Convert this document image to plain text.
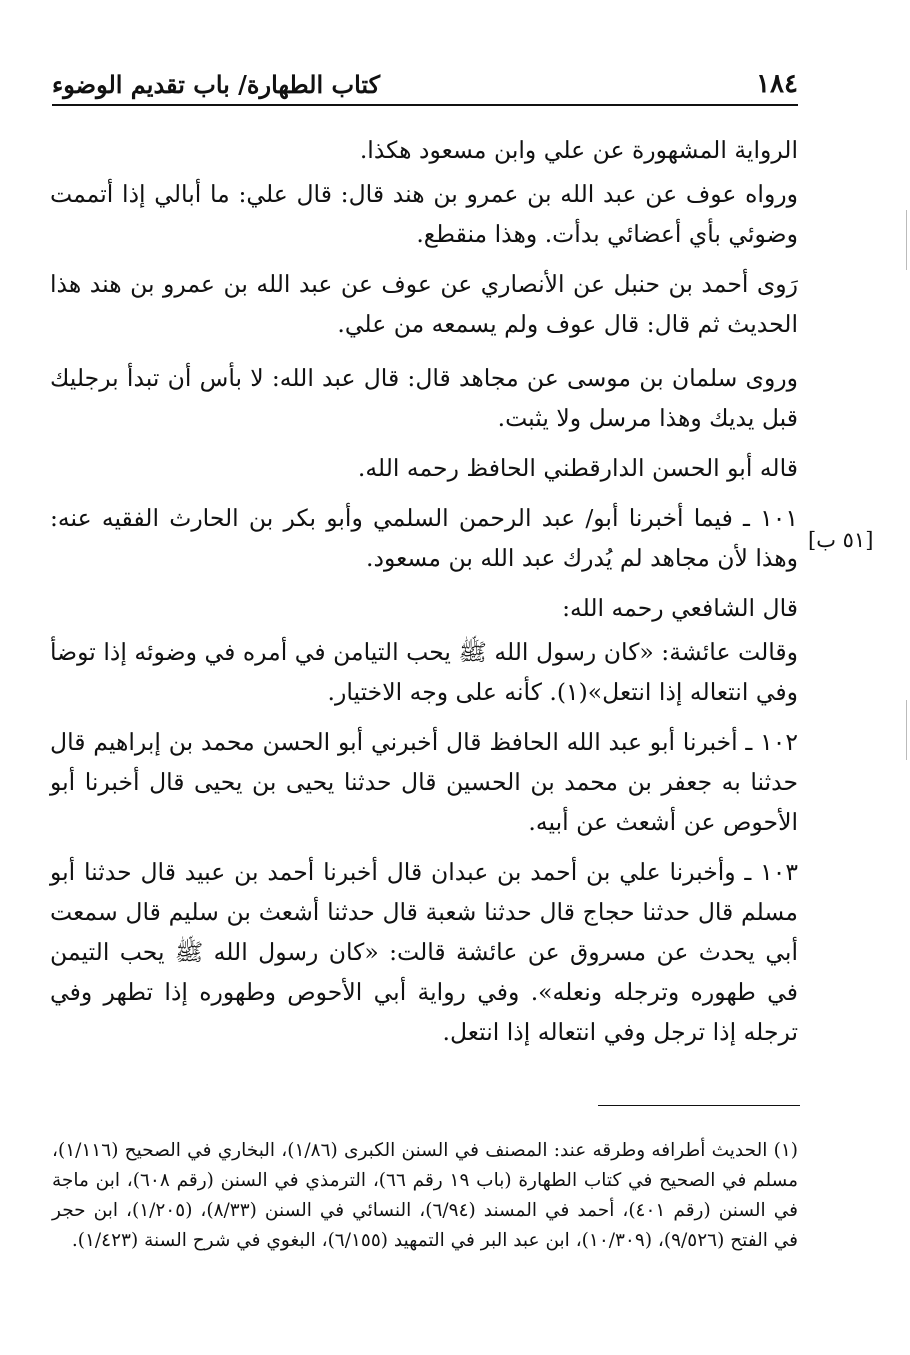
كتاب الطهارة/ باب تقديم الوضوء	١٨٤
[٥١ ب]

الرواية المشهورة عن علي وابن مسعود هكذا.

ورواه عوف عن عبد الله بن عمرو بن هند قال: قال علي: ما أبالي إذا أتممت وضوئي بأي أعضائي بدأت. وهذا منقطع.

رَوى أحمد بن حنبل عن الأنصاري عن عوف عن عبد الله بن عمرو بن هند هذا الحديث ثم قال: قال عوف ولم يسمعه من علي.

وروى سلمان بن موسى عن مجاهد قال: قال عبد الله: لا بأس أن تبدأ برجليك قبل يديك وهذا مرسل ولا يثبت.

قاله أبو الحسن الدارقطني الحافظ رحمه الله.

١٠١ ـ فيما أخبرنا أبو/ عبد الرحمن السلمي وأبو بكر بن الحارث الفقيه عنه: وهذا لأن مجاهد لم يُدرك عبد الله بن مسعود.

قال الشافعي رحمه الله:

وقالت عائشة: «كان رسول الله ﷺ يحب التيامن في أمره في وضوئه إذا توضأ وفي انتعاله إذا انتعل»(١). كأنه على وجه الاختيار.

١٠٢ ـ أخبرنا أبو عبد الله الحافظ قال أخبرني أبو الحسن محمد بن إبراهيم قال حدثنا به جعفر بن محمد بن الحسين قال حدثنا يحيى بن يحيى قال أخبرنا أبو الأحوص عن أشعث عن أبيه.

١٠٣ ـ وأخبرنا علي بن أحمد بن عبدان قال أخبرنا أحمد بن عبيد قال حدثنا أبو مسلم قال حدثنا حجاج قال حدثنا شعبة قال حدثنا أشعث بن سليم قال سمعت أبي يحدث عن مسروق عن عائشة قالت: «كان رسول الله ﷺ يحب التيمن في طهوره وترجله ونعله». وفي رواية أبي الأحوص وطهوره إذا تطهر وفي ترجله إذا ترجل وفي انتعاله إذا انتعل.

(١) الحديث أطرافه وطرقه عند: المصنف في السنن الكبرى (١/٨٦)، البخاري في الصحيح (١/١١٦)، مسلم في الصحيح في كتاب الطهارة (باب ١٩ رقم ٦٦)، الترمذي في السنن (رقم ٦٠٨)، ابن ماجة في السنن (رقم ٤٠١)، أحمد في المسند (٦/٩٤)، النسائي في السنن (٨/٣٣)، (١/٢٠٥)، ابن حجر في الفتح (٩/٥٢٦)، (١٠/٣٠٩)، ابن عبد البر في التمهيد (٦/١٥٥)، البغوي في شرح السنة (١/٤٢٣).
